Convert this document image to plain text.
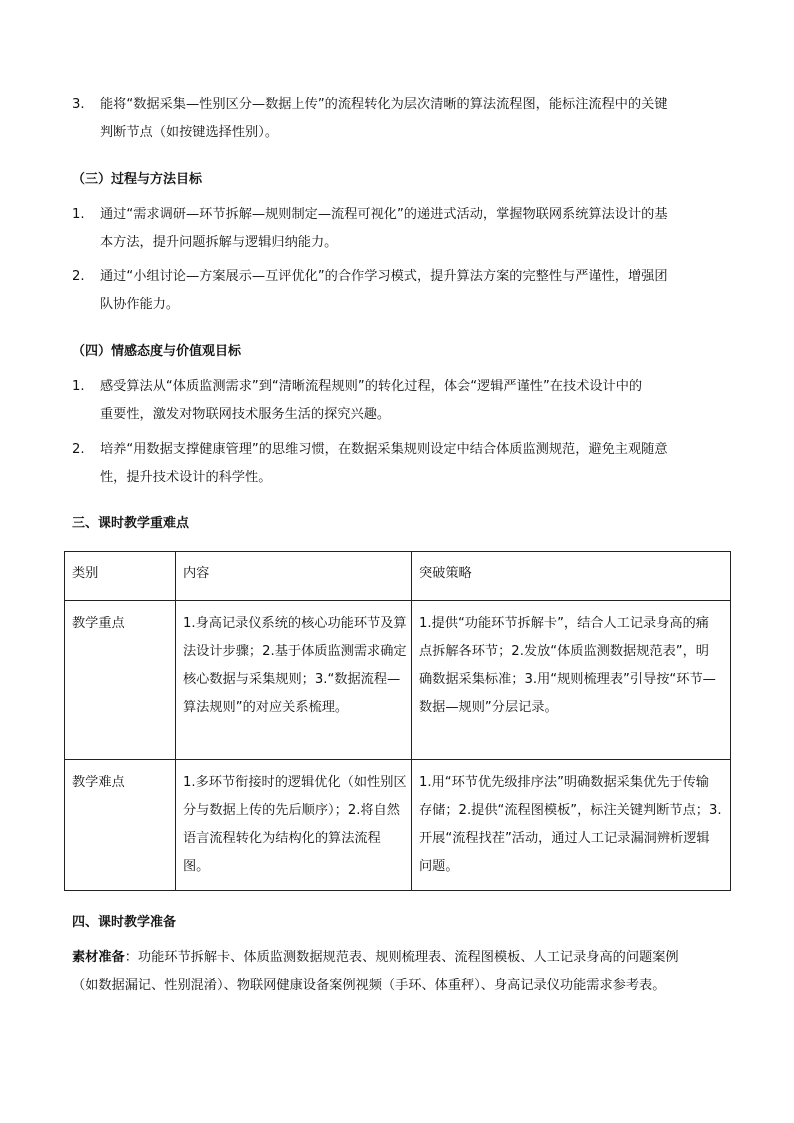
3.	能将“数据采集—性别区分—数据上传”的流程转化为层次清晰的算法流程图，能标注流程中的关键
判断节点（如按键选择性别）。
（三）过程与方法目标
1.	通过“需求调研—环节拆解—规则制定—流程可视化”的递进式活动，掌握物联网系统算法设计的基
本方法，提升问题拆解与逻辑归纳能力。
2.	通过“小组讨论—方案展示—互评优化”的合作学习模式，提升算法方案的完整性与严谨性，增强团
队协作能力。
（四）情感态度与价值观目标
1.	感受算法从“体质监测需求”到“清晰流程规则”的转化过程，体会“逻辑严谨性”在技术设计中的
重要性，激发对物联网技术服务生活的探究兴趣。
2.	培养“用数据支撑健康管理”的思维习惯，在数据采集规则设定中结合体质监测规范，避免主观随意
性，提升技术设计的科学性。
三、课时教学重难点
类别	内容	突破策略

教学重点	1.身高记录仪系统的核心功能环节及算法设计步骤；2.基于体质监测需求确定核心数据与采集规则；3.“数据流程—算法规则”的对应关系梳理。	1.提供“功能环节拆解卡”，结合人工记录身高的痛点拆解各环节；2.发放“体质监测数据规范表”，明确数据采集标准；3.用“规则梳理表”引导按“环节—数据—规则”分层记录。

教学难点	1.多环节衔接时的逻辑优化（如性别区分与数据上传的先后顺序）；2.将自然语言流程转化为结构化的算法流程图。	1.用“环节优先级排序法”明确数据采集优先于传输存储；2.提供“流程图模板”，标注关键判断节点；3.开展“流程找茬”活动，通过人工记录漏洞辨析逻辑问题。
四、课时教学准备
素材准备：功能环节拆解卡、体质监测数据规范表、规则梳理表、流程图模板、人工记录身高的问题案例
（如数据漏记、性别混淆）、物联网健康设备案例视频（手环、体重秤）、身高记录仪功能需求参考表。
